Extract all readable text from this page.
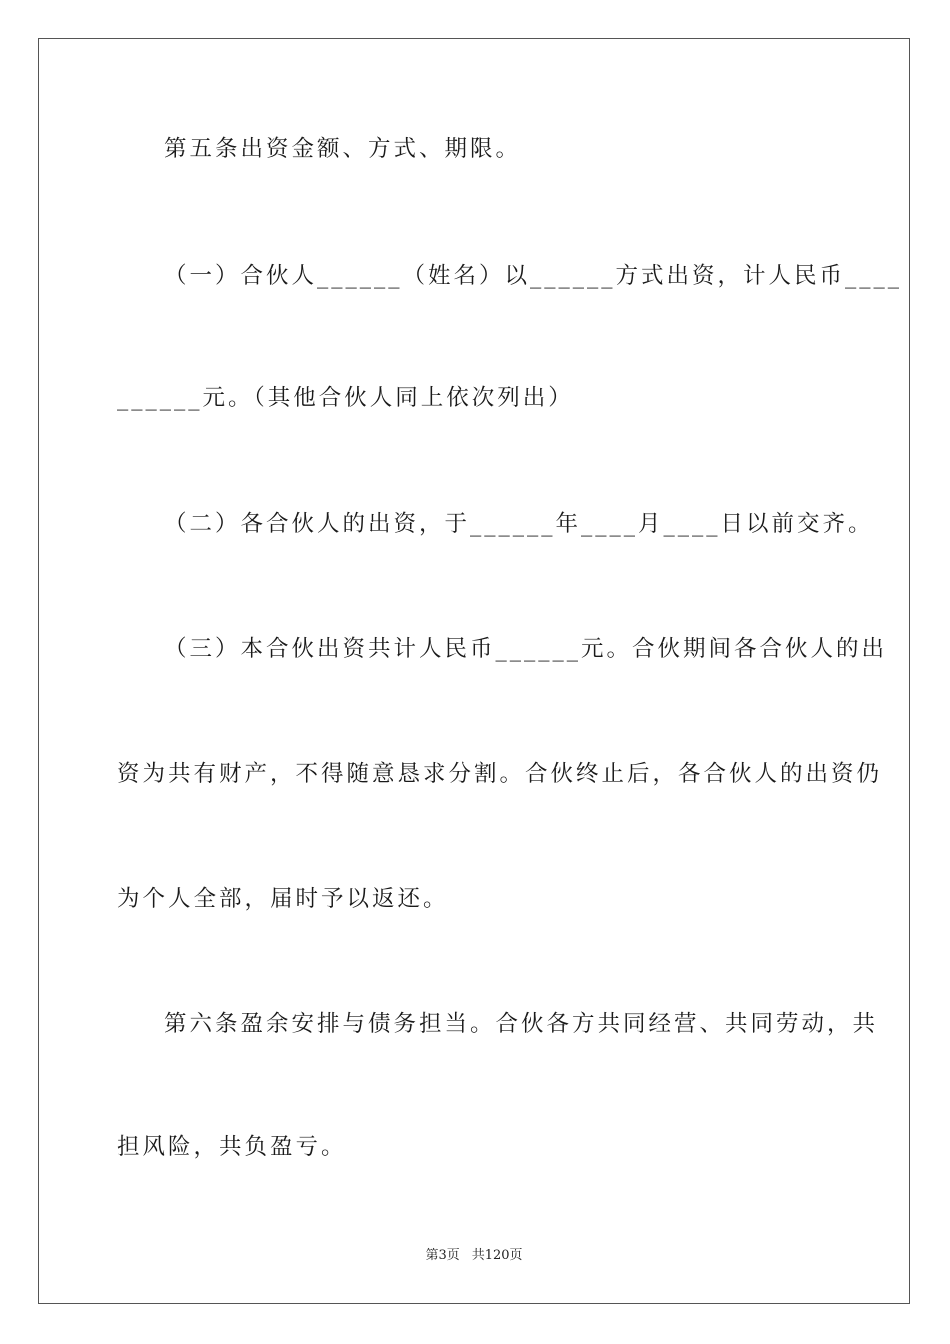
第五条出资金额、方式、期限。
（一）合伙人______（姓名）以______方式出资，计人民币____
______元。（其他合伙人同上依次列出）
（二）各合伙人的出资，于______年____月____日以前交齐。
（三）本合伙出资共计人民币______元。合伙期间各合伙人的出
资为共有财产，不得随意恳求分割。合伙终止后，各合伙人的出资仍
为个人全部，届时予以返还。
第六条盈余安排与债务担当。合伙各方共同经营、共同劳动，共
担风险，共负盈亏。
第3页 共120页
